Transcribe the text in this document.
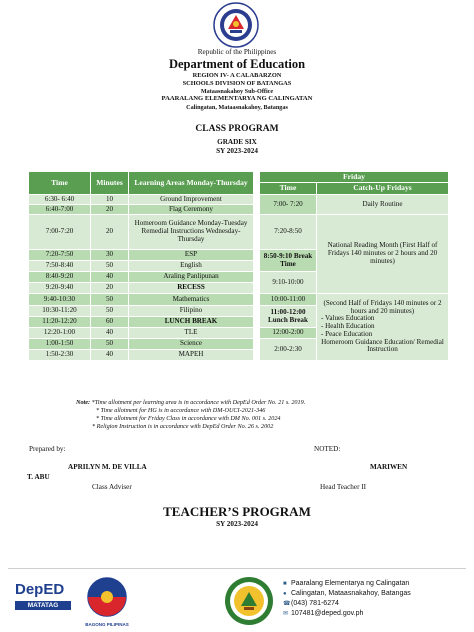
Republic of the Philippines
Department of Education
REGION IV- A CALABARZON
SCHOOLS DIVISION OF BATANGAS
Mataasnakahoy Sub-Office
PAARALANG ELEMENTARYA NG CALINGATAN
Calingatan, Mataasnakahoy, Batangas
CLASS PROGRAM
GRADE SIX
SY 2023-2024
Time	Minutes	Learning Areas Monday-Thursday		Friday	
				Time	Catch-Up Fridays
6:30- 6:40	10	Ground Improvement		7:00- 7:20	Daily Routine
6:40-7:00	20	Flag Ceremony			
7:00-7:20	20	Homeroom Guidance Monday-Tuesday Remedial Instructions Wednesday-Thursday		7:20-8:50	National Reading Month (First Half of Fridays 140 minutes or 2 hours and 20 minutes)
7:20-7:50	30	ESP		8:50-9:10 Break Time	
7:50-8:40	50	English			
8:40-9:20	40	Araling Panlipunan		9:10-10:00	
9:20-9:40	20	RECESS			
9:40-10:30	50	Mathematics		10:00-11:00	(Second Half of Fridays 140 minutes or 2 hours and 20 minutes)
- Values Education
- Health Education
- Peace Education
Homeroom Guidance Education/ Remedial Instruction

10:30-11:20	50	Filipino		11:00-12:00 Lunch Break	
11:20-12:20	60	LUNCH BREAK			
12:20-1:00	40	TLE		12:00-2:00	
1:00-1:50	50	Science		2:00-2:30	
1:50-2:30	40	MAPEH			
Note: *Time allotment per learning area is in accordance with DepEd Order No. 21 s. 2019.
* Time allotment for HG is in accordance with DM-OUCI-2021-346
* Time allotment for Friday Class in accordance with DM No. 001 s. 2024
* Religion Instruction is in accordance with DepEd Order No. 26 s. 2002
Prepared by:	NOTED:
APRILYN M. DE VILLA	MARIWEN
T. ABU
Class Adviser	Head Teacher II
TEACHER’S PROGRAM
SY 2023-2024
DepED
MATATAG
BAGONG PILIPINAS
■ Paaralang Elementarya ng Calingatan
● Calingatan, Mataasnakahoy, Batangas
☎(043) 781-6274
✉ 107481@deped.gov.ph
